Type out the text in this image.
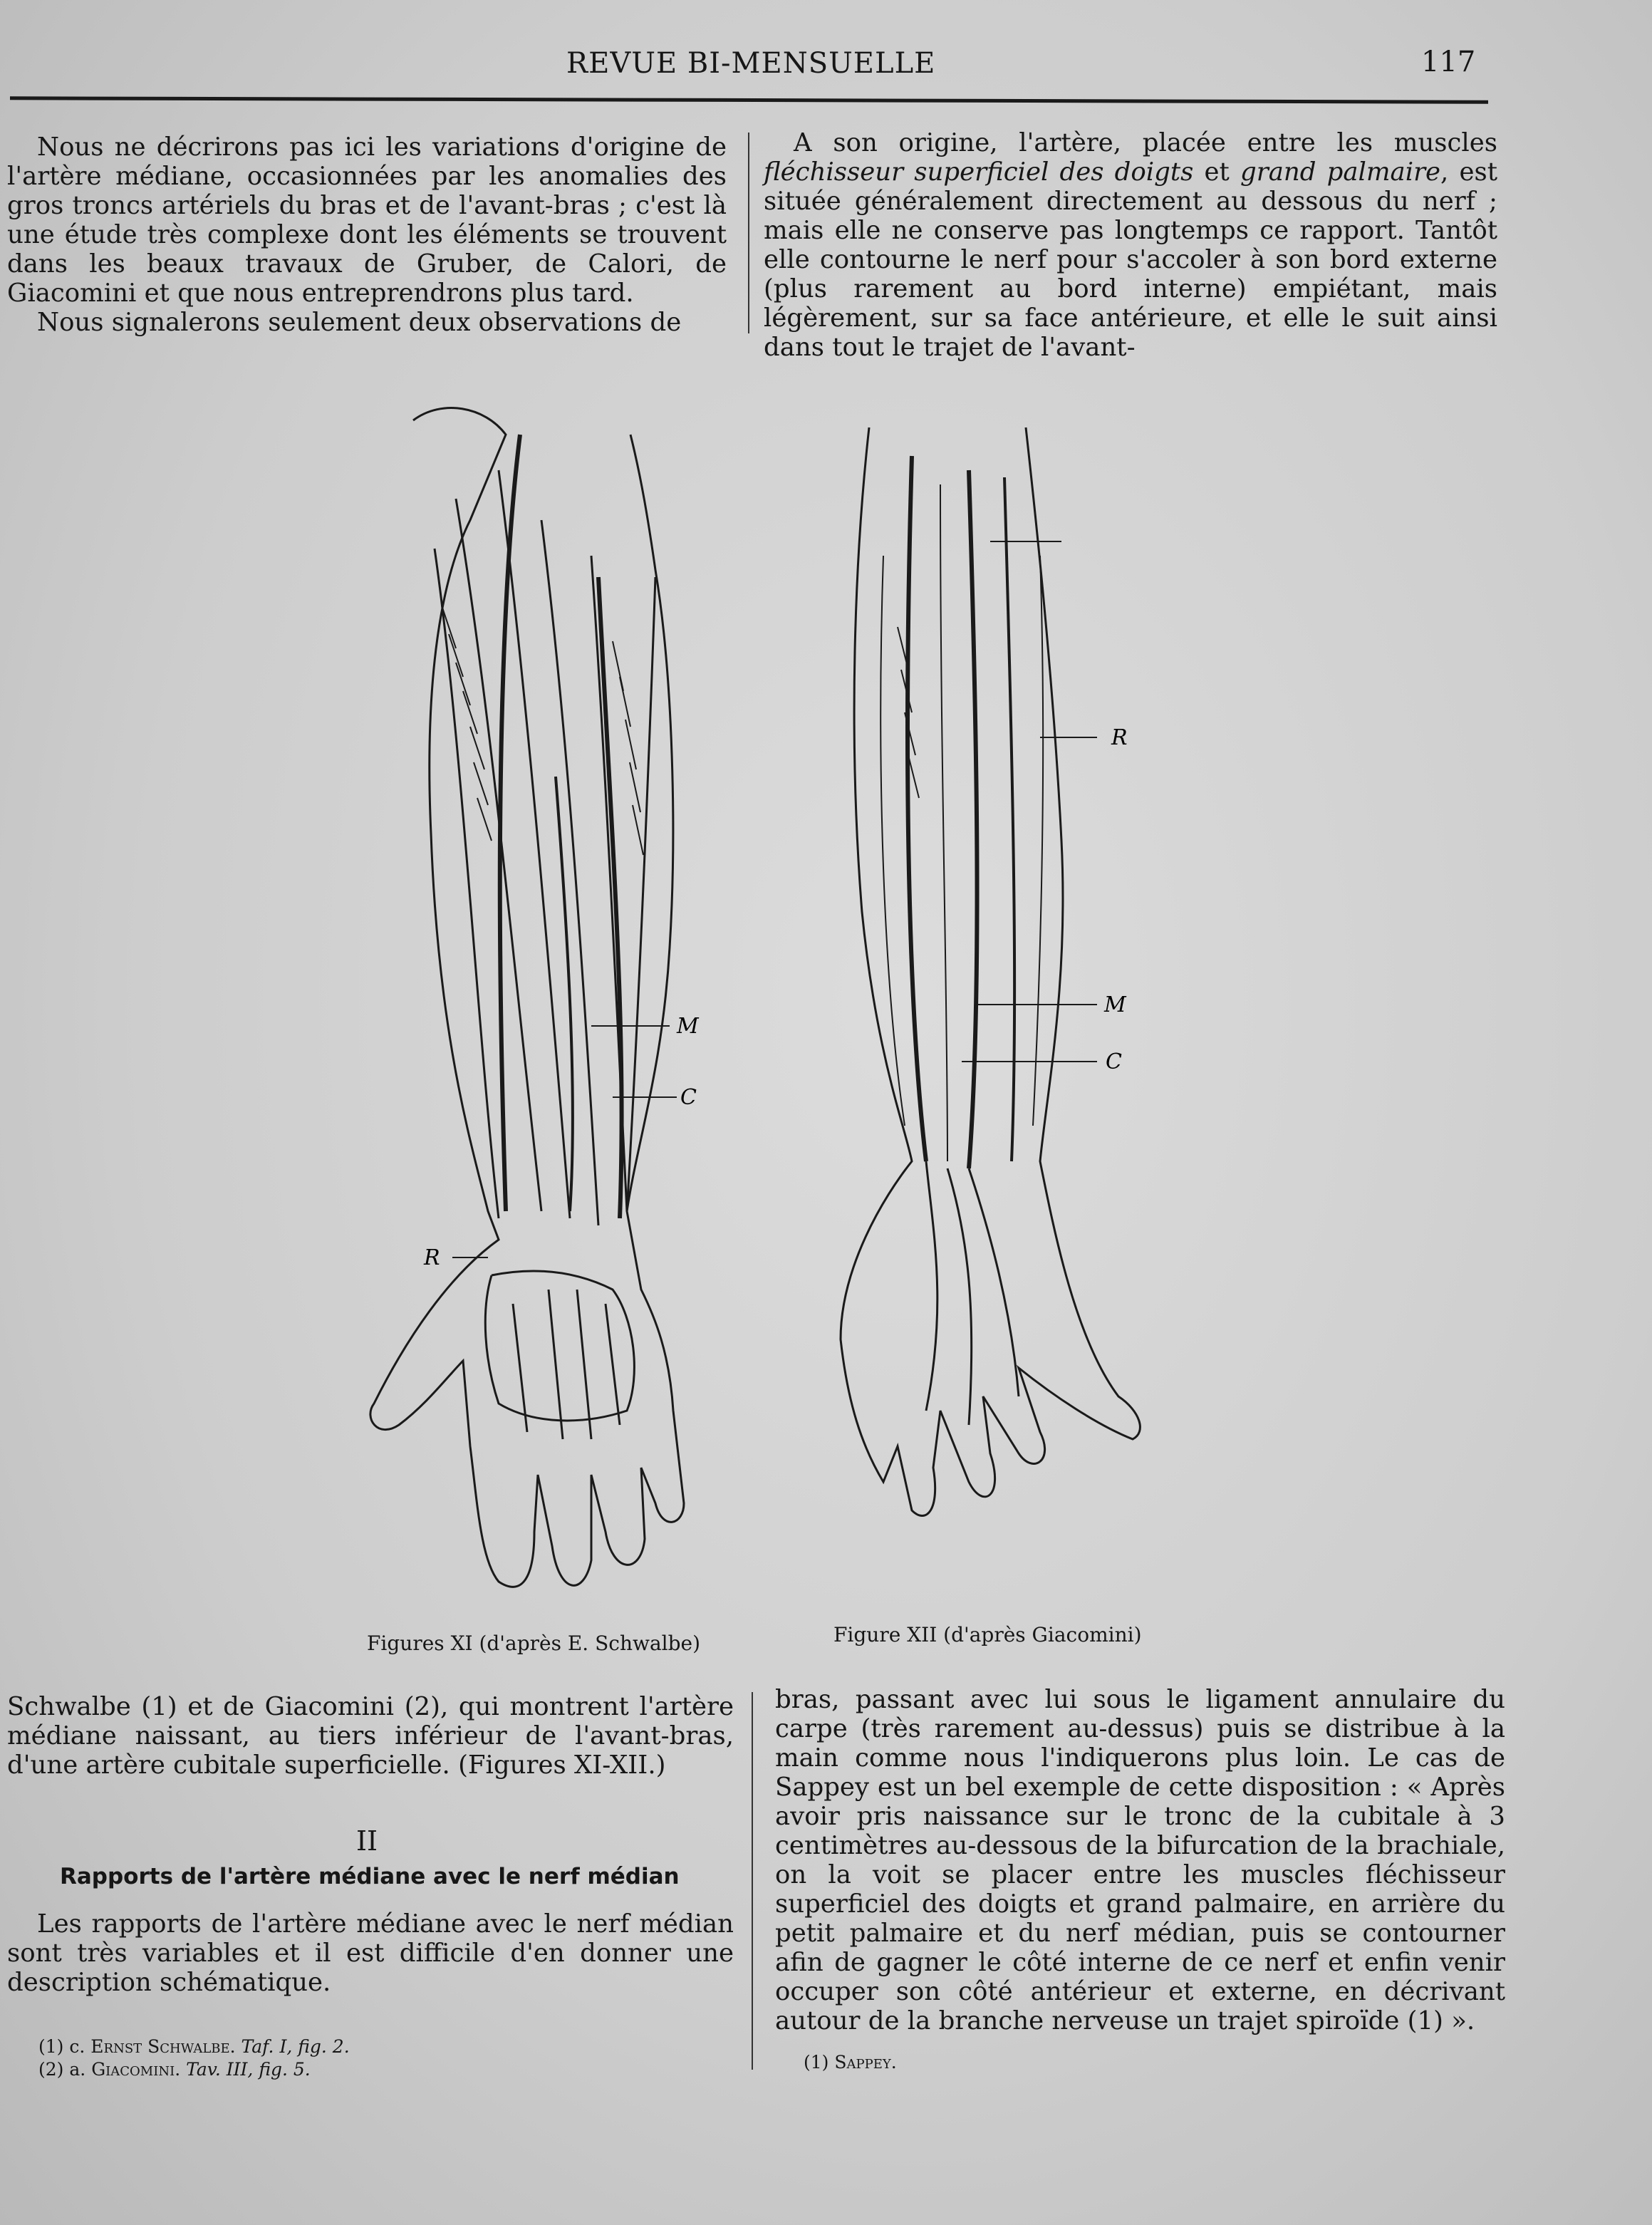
REVUE BI-MENSUELLE	117

Nous ne décrirons pas ici les variations d'origine de l'artère médiane, occasionnées par les anomalies des gros troncs artériels du bras et de l'avant-bras ; c'est là une étude très complexe dont les éléments se trouvent dans les beaux travaux de Gruber, de Calori, de Giacomini et que nous entreprendrons plus tard.

Nous signalerons seulement deux observations de

A son origine, l'artère, placée entre les muscles fléchisseur superficiel des doigts et grand palmaire, est située généralement directement au dessous du nerf ; mais elle ne conserve pas longtemps ce rapport. Tantôt elle contourne le nerf pour s'accoler à son bord externe (plus rarement au bord interne) empiétant, mais légèrement, sur sa face antérieure, et elle le suit ainsi dans tout le trajet de l'avant-

R
M
C
R
M
C
Figures XI (d'après E. Schwalbe)	Figure XII (d'après Giacomini)

Schwalbe (1) et de Giacomini (2), qui montrent l'artère médiane naissant, au tiers inférieur de l'avant-bras, d'une artère cubitale superficielle. (Figures XI-XII.)

II
Rapports de l'artère médiane avec le nerf médian

Les rapports de l'artère médiane avec le nerf médian sont très variables et il est difficile d'en donner une description schématique.

(1) c. Ernst Schwalbe. Taf. I, fig. 2.
(2) a. Giacomini. Tav. III, fig. 5.

bras, passant avec lui sous le ligament annulaire du carpe (très rarement au-dessus) puis se distribue à la main comme nous l'indiquerons plus loin. Le cas de Sappey est un bel exemple de cette disposition : « Après avoir pris naissance sur le tronc de la cubitale à 3 centimètres au-dessous de la bifurcation de la brachiale, on la voit se placer entre les muscles fléchisseur superficiel des doigts et grand palmaire, en arrière du petit palmaire et du nerf médian, puis se contourner afin de gagner le côté interne de ce nerf et enfin venir occuper son côté antérieur et externe, en décrivant autour de la branche nerveuse un trajet spiroïde (1) ».

(1) Sappey.
